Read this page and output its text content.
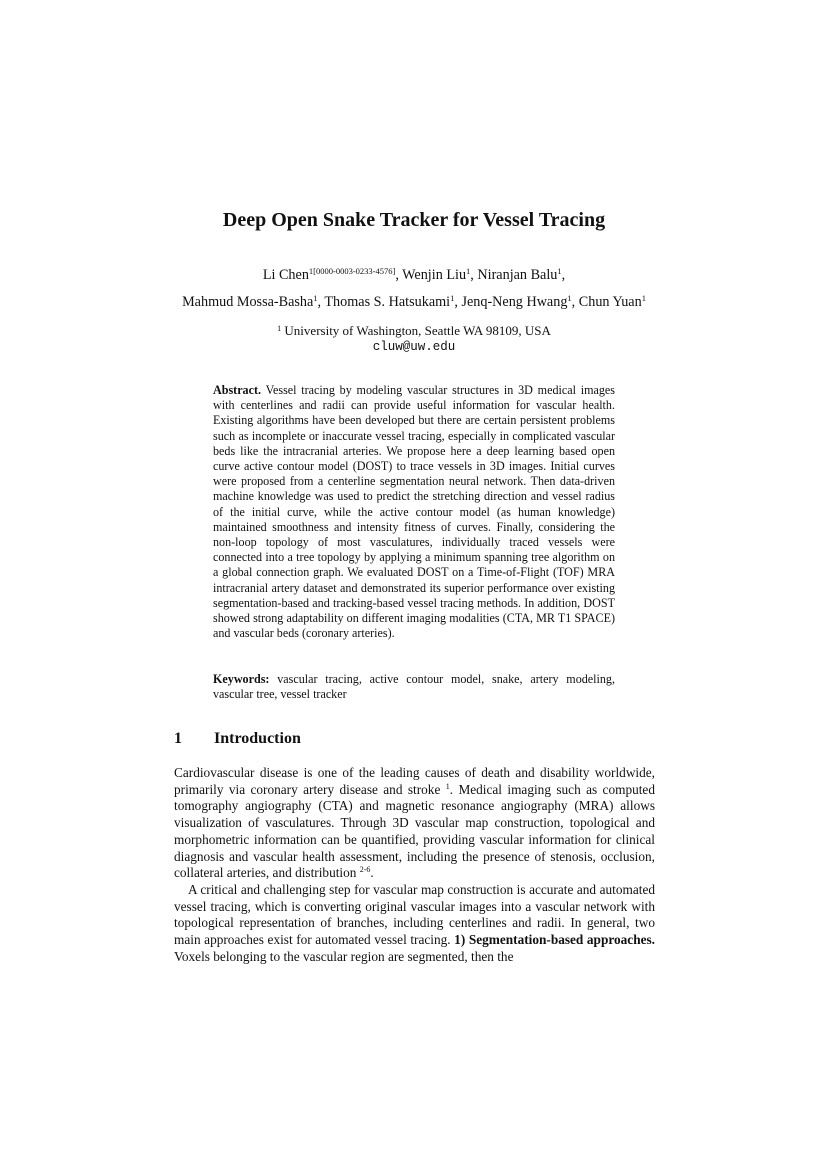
Deep Open Snake Tracker for Vessel Tracing
Li Chen$^{1[0000-0003-0233-4576]}$, Wenjin Liu$^1$, Niranjan Balu$^1$,
Mahmud Mossa-Basha$^1$, Thomas S. Hatsukami$^1$, Jenq-Neng Hwang$^1$, Chun Yuan$^1$
$^1$ University of Washington, Seattle WA 98109, USA
cluw@uw.edu
Abstract. Vessel tracing by modeling vascular structures in 3D medical images with centerlines and radii can provide useful information for vascular health. Existing algorithms have been developed but there are certain persistent problems such as incomplete or inaccurate vessel tracing, especially in complicated vascular beds like the intracranial arteries. We propose here a deep learning based open curve active contour model (DOST) to trace vessels in 3D images. Initial curves were proposed from a centerline segmentation neural network. Then data-driven machine knowledge was used to predict the stretching direction and vessel radius of the initial curve, while the active contour model (as human knowledge) maintained smoothness and intensity fitness of curves. Finally, considering the non-loop topology of most vasculatures, individually traced vessels were connected into a tree topology by applying a minimum spanning tree algorithm on a global connection graph. We evaluated DOST on a Time-of-Flight (TOF) MRA intracranial artery dataset and demonstrated its superior performance over existing segmentation-based and tracking-based vessel tracing methods. In addition, DOST showed strong adaptability on different imaging modalities (CTA, MR T1 SPACE) and vascular beds (coronary arteries).
Keywords: vascular tracing, active contour model, snake, artery modeling, vascular tree, vessel tracker
1 Introduction

Cardiovascular disease is one of the leading causes of death and disability worldwide, primarily via coronary artery disease and stroke $^1$. Medical imaging such as computed tomography angiography (CTA) and magnetic resonance angiography (MRA) allows visualization of vasculatures. Through 3D vascular map construction, topological and morphometric information can be quantified, providing vascular information for clinical diagnosis and vascular health assessment, including the presence of stenosis, occlusion, collateral arteries, and distribution $^{2-6}$.

A critical and challenging step for vascular map construction is accurate and automated vessel tracing, which is converting original vascular images into a vascular network with topological representation of branches, including centerlines and radii. In general, two main approaches exist for automated vessel tracing. 1) Segmentation-based approaches. Voxels belonging to the vascular region are segmented, then the
